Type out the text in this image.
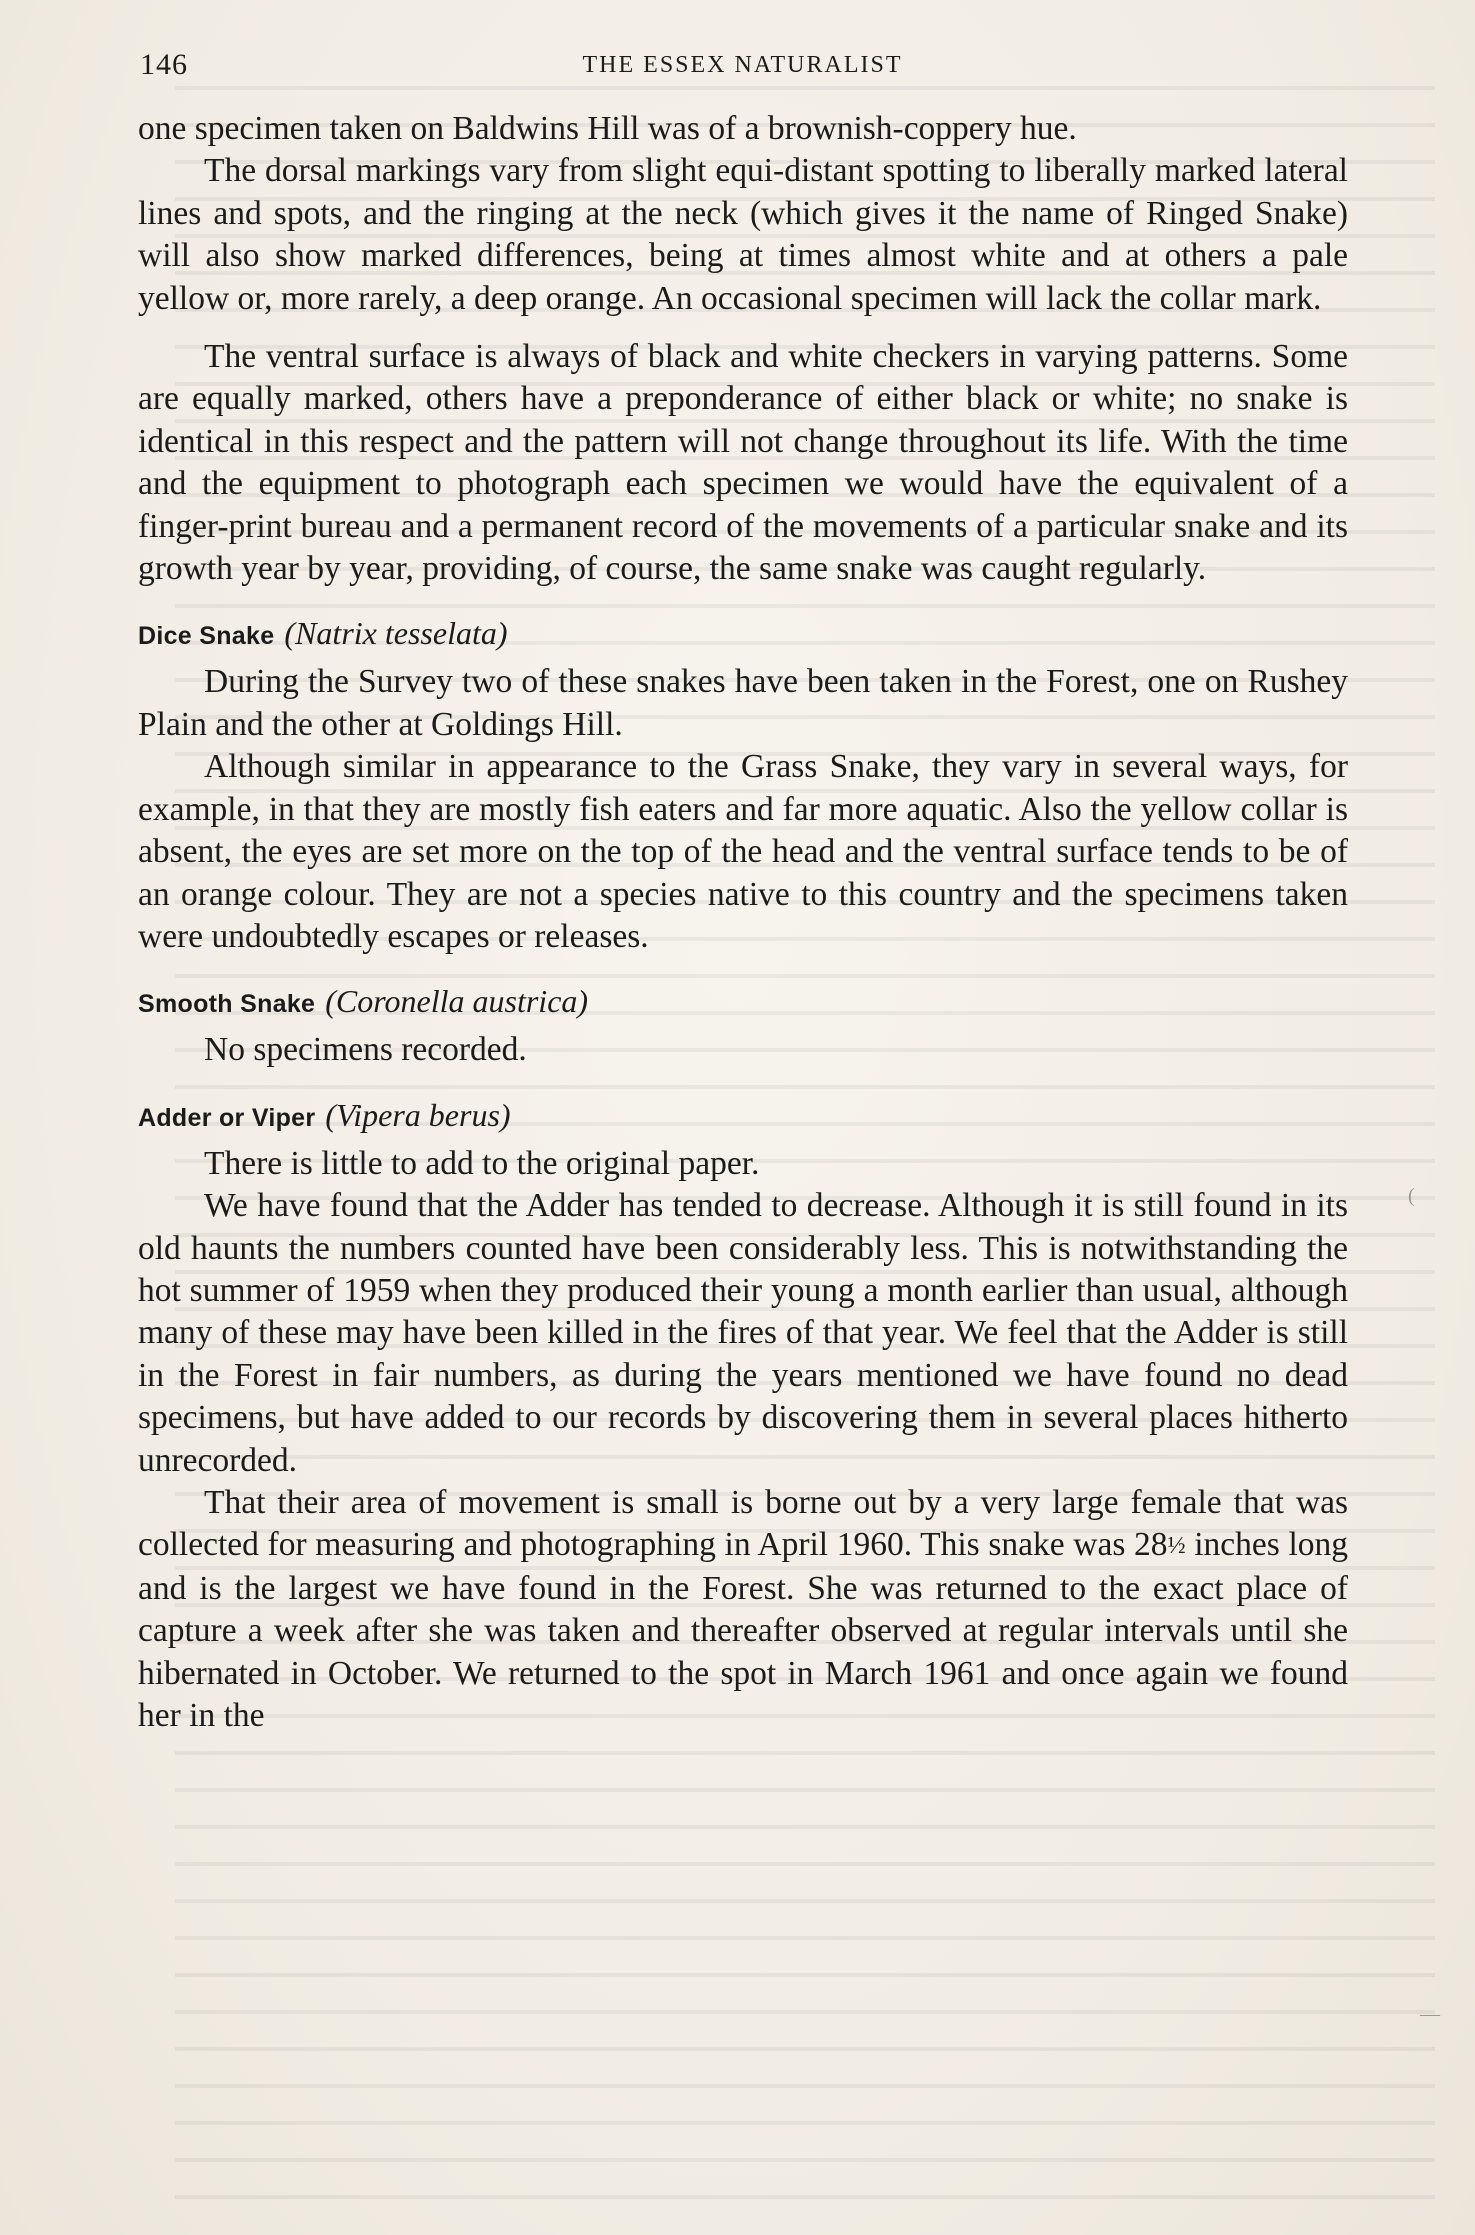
146	THE ESSEX NATURALIST

one specimen taken on Baldwins Hill was of a brownish-coppery hue.

The dorsal markings vary from slight equi-distant spotting to liberally marked lateral lines and spots, and the ringing at the neck (which gives it the name of Ringed Snake) will also show marked differences, being at times almost white and at others a pale yellow or, more rarely, a deep orange. An occasional specimen will lack the collar mark.

The ventral surface is always of black and white checkers in varying patterns. Some are equally marked, others have a preponderance of either black or white; no snake is identical in this respect and the pattern will not change throughout its life. With the time and the equipment to photograph each specimen we would have the equivalent of a finger-print bureau and a permanent record of the movements of a particular snake and its growth year by year, providing, of course, the same snake was caught regularly.

Dice Snake (Natrix tesselata)

During the Survey two of these snakes have been taken in the Forest, one on Rushey Plain and the other at Goldings Hill.

Although similar in appearance to the Grass Snake, they vary in several ways, for example, in that they are mostly fish eaters and far more aquatic. Also the yellow collar is absent, the eyes are set more on the top of the head and the ventral surface tends to be of an orange colour. They are not a species native to this country and the specimens taken were undoubtedly escapes or releases.

Smooth Snake (Coronella austrica)

No specimens recorded.

Adder or Viper (Vipera berus)

There is little to add to the original paper.

We have found that the Adder has tended to decrease. Although it is still found in its old haunts the numbers counted have been considerably less. This is notwithstanding the hot summer of 1959 when they produced their young a month earlier than usual, although many of these may have been killed in the fires of that year. We feel that the Adder is still in the Forest in fair numbers, as during the years mentioned we have found no dead specimens, but have added to our records by discovering them in several places hitherto unrecorded.

That their area of movement is small is borne out by a very large female that was collected for measuring and photographing in April 1960. This snake was 28½ inches long and is the largest we have found in the Forest. She was returned to the exact place of capture a week after she was taken and thereafter observed at regular intervals until she hibernated in October. We returned to the spot in March 1961 and once again we found her in the

(
—
